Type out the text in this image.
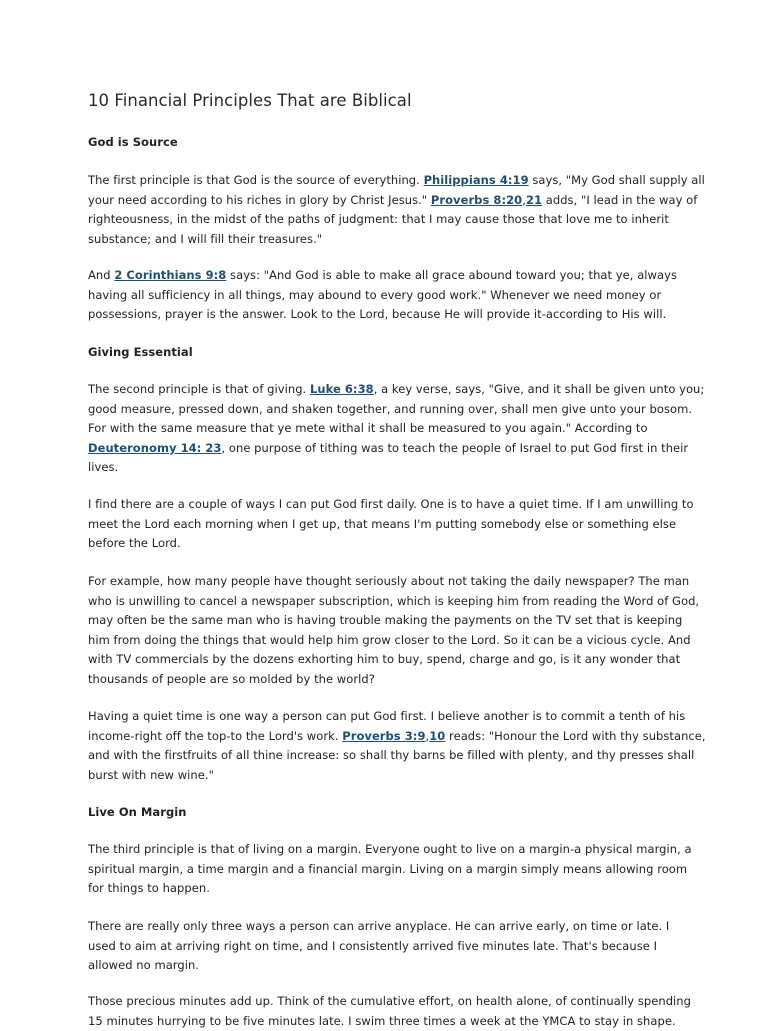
10 Financial Principles That are Biblical
God is Source
The first principle is that God is the source of everything. Philippians 4:19 says, "My God shall supply all
your need according to his riches in glory by Christ Jesus." Proverbs 8:20,21 adds, "I lead in the way of
righteousness, in the midst of the paths of judgment: that I may cause those that love me to inherit
substance; and I will fill their treasures."
And 2 Corinthians 9:8 says: "And God is able to make all grace abound toward you; that ye, always
having all sufficiency in all things, may abound to every good work." Whenever we need money or
possessions, prayer is the answer. Look to the Lord, because He will provide it-according to His will.
Giving Essential
The second principle is that of giving. Luke 6:38, a key verse, says, "Give, and it shall be given unto you;
good measure, pressed down, and shaken together, and running over, shall men give unto your bosom.
For with the same measure that ye mete withal it shall be measured to you again." According to
Deuteronomy 14: 23, one purpose of tithing was to teach the people of Israel to put God first in their
lives.
I find there are a couple of ways I can put God first daily. One is to have a quiet time. If I am unwilling to
meet the Lord each morning when I get up, that means I'm putting somebody else or something else
before the Lord.
For example, how many people have thought seriously about not taking the daily newspaper? The man
who is unwilling to cancel a newspaper subscription, which is keeping him from reading the Word of God,
may often be the same man who is having trouble making the payments on the TV set that is keeping
him from doing the things that would help him grow closer to the Lord. So it can be a vicious cycle. And
with TV commercials by the dozens exhorting him to buy, spend, charge and go, is it any wonder that
thousands of people are so molded by the world?
Having a quiet time is one way a person can put God first. I believe another is to commit a tenth of his
income-right off the top-to the Lord's work. Proverbs 3:9,10 reads: "Honour the Lord with thy substance,
and with the firstfruits of all thine increase: so shall thy barns be filled with plenty, and thy presses shall
burst with new wine."
Live On Margin
The third principle is that of living on a margin. Everyone ought to live on a margin-a physical margin, a
spiritual margin, a time margin and a financial margin. Living on a margin simply means allowing room
for things to happen.
There are really only three ways a person can arrive anyplace. He can arrive early, on time or late. I
used to aim at arriving right on time, and I consistently arrived five minutes late. That's because I
allowed no margin.
Those precious minutes add up. Think of the cumulative effort, on health alone, of continually spending
15 minutes hurrying to be five minutes late. I swim three times a week at the YMCA to stay in shape.
